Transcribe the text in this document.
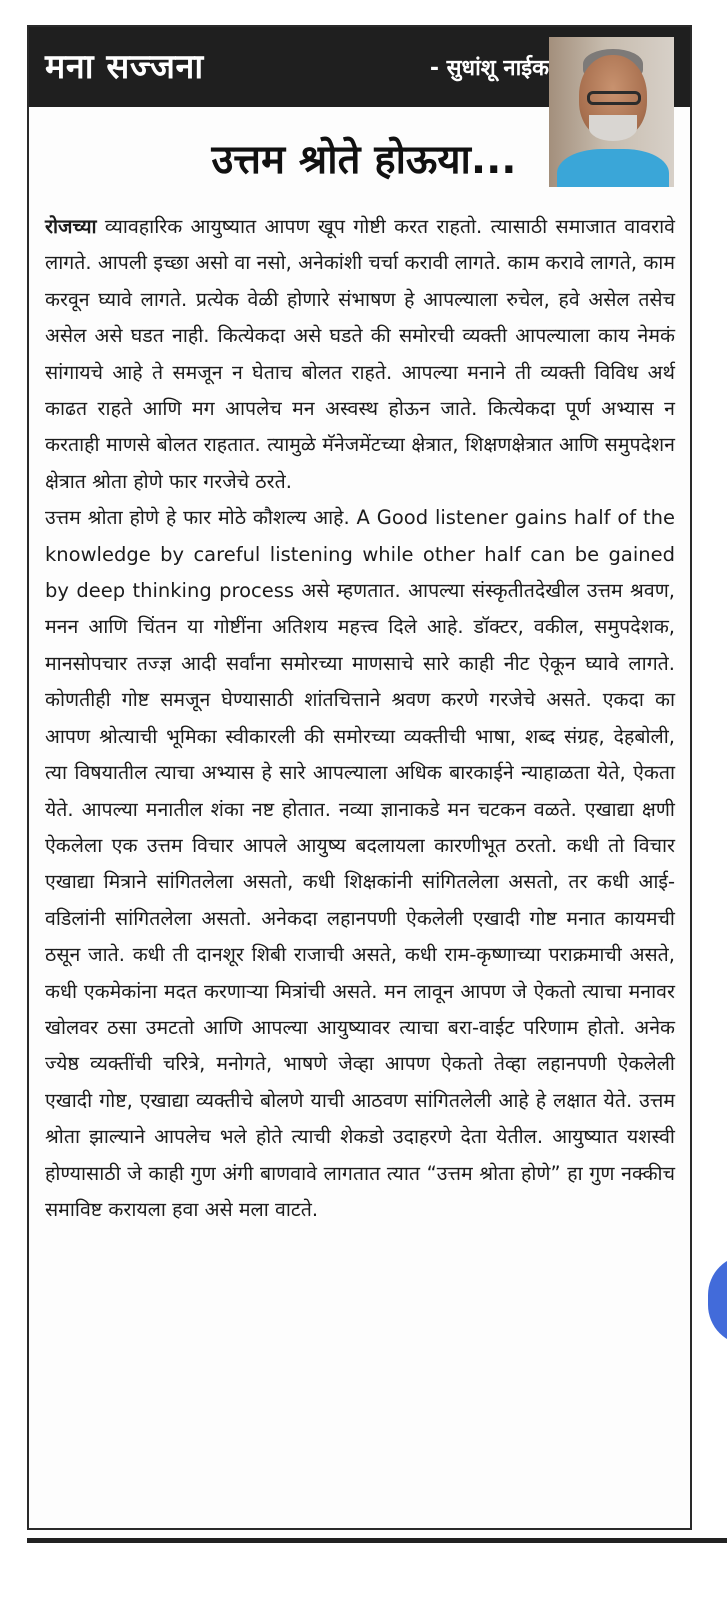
मना सज्जना	- सुधांशू नाईक
उत्तम श्रोते होऊया...

रोजच्या व्यावहारिक आयुष्यात आपण खूप गोष्टी करत राहतो. त्यासाठी समाजात वावरावे लागते. आपली इच्छा असो वा नसो, अनेकांशी चर्चा करावी लागते. काम करावे लागते, काम करवून घ्यावे लागते. प्रत्येक वेळी होणारे संभाषण हे आपल्याला रुचेल, हवे असेल तसेच असेल असे घडत नाही. कित्येकदा असे घडते की समोरची व्यक्ती आपल्याला काय नेमकं सांगायचे आहे ते समजून न घेताच बोलत राहते. आपल्या मनाने ती व्यक्ती विविध अर्थ काढत राहते आणि मग आपलेच मन अस्वस्थ होऊन जाते. कित्येकदा पूर्ण अभ्यास न करताही माणसे बोलत राहतात. त्यामुळे मॅनेजमेंटच्या क्षेत्रात, शिक्षणक्षेत्रात आणि समुपदेशन क्षेत्रात श्रोता होणे फार गरजेचे ठरते.

उत्तम श्रोता होणे हे फार मोठे कौशल्य आहे. A Good listener gains half of the knowledge by careful listening while other half can be gained by deep thinking process असे म्हणतात. आपल्या संस्कृतीतदेखील उत्तम श्रवण, मनन आणि चिंतन या गोष्टींना अतिशय महत्त्व दिले आहे. डॉक्टर, वकील, समुपदेशक, मानसोपचार तज्ज्ञ आदी सर्वांना समोरच्या माणसाचे सारे काही नीट ऐकून घ्यावे लागते. कोणतीही गोष्ट समजून घेण्यासाठी शांतचित्ताने श्रवण करणे गरजेचे असते. एकदा का आपण श्रोत्याची भूमिका स्वीकारली की समोरच्या व्यक्तीची भाषा, शब्द संग्रह, देहबोली, त्या विषयातील त्याचा अभ्यास हे सारे आपल्याला अधिक बारकाईने न्याहाळता येते, ऐकता येते. आपल्या मनातील शंका नष्ट होतात. नव्या ज्ञानाकडे मन चटकन वळते. एखाद्या क्षणी ऐकलेला एक उत्तम विचार आपले आयुष्य बदलायला कारणीभूत ठरतो. कधी तो विचार एखाद्या मित्राने सांगितलेला असतो, कधी शिक्षकांनी सांगितलेला असतो, तर कधी आई-वडिलांनी सांगितलेला असतो. अनेकदा लहानपणी ऐकलेली एखादी गोष्ट मनात कायमची ठसून जाते. कधी ती दानशूर शिबी राजाची असते, कधी राम-कृष्णाच्या पराक्रमाची असते, कधी एकमेकांना मदत करणाऱ्या मित्रांची असते. मन लावून आपण जे ऐकतो त्याचा मनावर खोलवर ठसा उमटतो आणि आपल्या आयुष्यावर त्याचा बरा-वाईट परिणाम होतो. अनेक ज्येष्ठ व्यक्तींची चरित्रे, मनोगते, भाषणे जेव्हा आपण ऐकतो तेव्हा लहानपणी ऐकलेली एखादी गोष्ट, एखाद्या व्यक्तीचे बोलणे याची आठवण सांगितलेली आहे हे लक्षात येते. उत्तम श्रोता झाल्याने आपलेच भले होते त्याची शेकडो उदाहरणे देता येतील. आयुष्यात यशस्वी होण्यासाठी जे काही गुण अंगी बाणवावे लागतात त्यात “उत्तम श्रोता होणे” हा गुण नक्कीच समाविष्ट करायला हवा असे मला वाटते.
